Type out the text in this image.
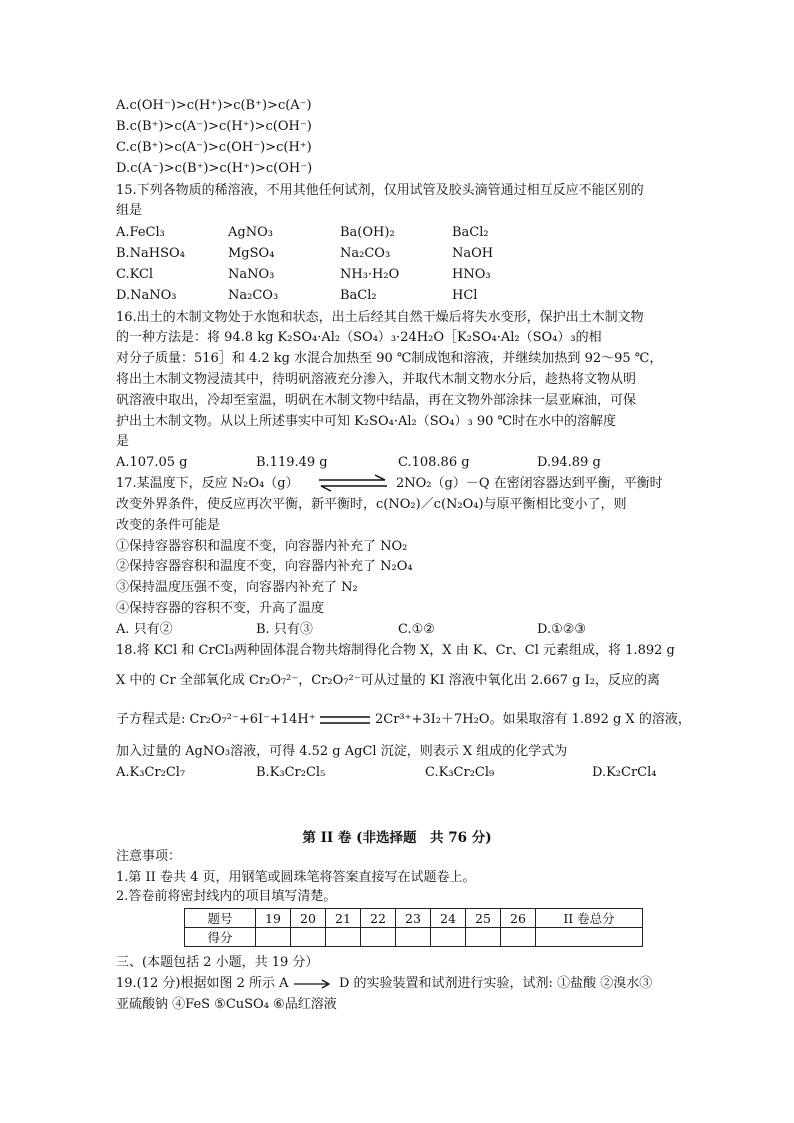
A.c(OH⁻)>c(H⁺)>c(B⁺)>c(A⁻)
B.c(B⁺)>c(A⁻)>c(H⁺)>c(OH⁻)
C.c(B⁺)>c(A⁻)>c(OH⁻)>c(H⁺)
D.c(A⁻)>c(B⁺)>c(H⁺)>c(OH⁻)
15.下列各物质的稀溶液，不用其他任何试剂，仅用试管及胶头滴管通过相互反应不能区别的
组是
A.FeCl₃	AgNO₃	Ba(OH)₂	BaCl₂
B.NaHSO₄	MgSO₄	Na₂CO₃	NaOH
C.KCl	NaNO₃	NH₃·H₂O	HNO₃
D.NaNO₃	Na₂CO₃	BaCl₂	HCl
16.出土的木制文物处于水饱和状态，出土后经其自然干燥后将失水变形，保护出土木制文物
的一种方法是：将 94.8 kg K₂SO₄·Al₂（SO₄）₃·24H₂O［K₂SO₄·Al₂（SO₄）₃的相
对分子质量：516］和 4.2 kg 水混合加热至 90 ℃制成饱和溶液，并继续加热到 92～95 ℃，
将出土木制文物浸渍其中，待明矾溶液充分渗入，并取代木制文物水分后，趁热将文物从明
矾溶液中取出，冷却至室温，明矾在木制文物中结晶，再在文物外部涂抹一层亚麻油，可保
护出土木制文物。从以上所述事实中可知 K₂SO₄·Al₂（SO₄）₃ 90 ℃时在水中的溶解度
是
A.107.05 g	B.119.49 g	C.108.86 g	D.94.89 g
17.某温度下，反应 N₂O₄（g）	2NO₂（g）－Q 在密闭容器达到平衡，平衡时
改变外界条件，使反应再次平衡，新平衡时，c(NO₂)／c(N₂O₄)与原平衡相比变小了，则
改变的条件可能是
①保持容器容积和温度不变，向容器内补充了 NO₂
②保持容器容积和温度不变，向容器内补充了 N₂O₄
③保持温度压强不变，向容器内补充了 N₂
④保持容器的容积不变，升高了温度
A. 只有②	B. 只有③	C.①②	D.①②③
18.将 KCl 和 CrCl₃两种固体混合物共熔制得化合物 X，X 由 K、Cr、Cl 元素组成，将 1.892 g
X 中的 Cr 全部氧化成 Cr₂O₇²⁻，Cr₂O₇²⁻可从过量的 KI 溶液中氧化出 2.667 g I₂，反应的离
子方程式是: Cr₂O₇²⁻+6I⁻+14H⁺	2Cr³⁺+3I₂＋7H₂O。如果取溶有 1.892 g X 的溶液，
加入过量的 AgNO₃溶液，可得 4.52 g AgCl 沉淀，则表示 X 组成的化学式为
A.K₃Cr₂Cl₇	B.K₃Cr₂Cl₅	C.K₃Cr₂Cl₉	D.K₂CrCl₄
第 II 卷 (非选择题　共 76 分)
注意事项：
1.第 II 卷共 4 页，用钢笔或圆珠笔将答案直接写在试题卷上。
2.答卷前将密封线内的项目填写清楚。
题号	19	20	21	22	23	24	25	26	II 卷总分
得分									
三、(本题包括 2 小题，共 19 分）
19.(12 分)根据如图 2 所示 A	D 的实验装置和试剂进行实验，试剂: ①盐酸 ②溴水③
亚硫酸钠 ④FeS ⑤CuSO₄ ⑥品红溶液
